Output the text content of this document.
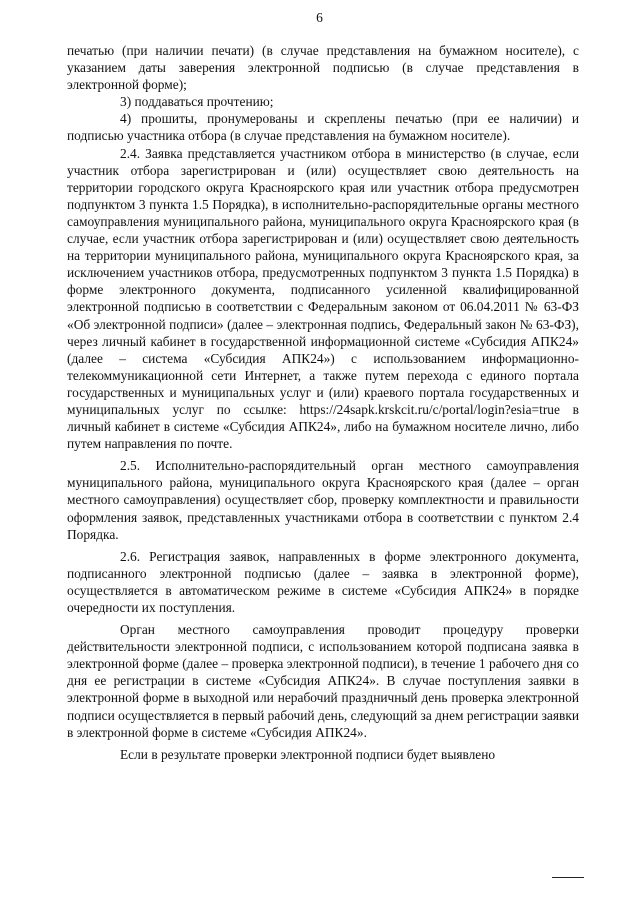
6

печатью (при наличии печати) (в случае представления на бумажном носителе), с указанием даты заверения электронной подписью (в случае представления в электронной форме);

3) поддаваться прочтению;

4) прошиты, пронумерованы и скреплены печатью (при ее наличии) и подписью участника отбора (в случае представления на бумажном носителе).

2.4. Заявка представляется участником отбора в министерство (в случае, если участник отбора зарегистрирован и (или) осуществляет свою деятельность на территории городского округа Красноярского края или участник отбора предусмотрен подпунктом 3 пункта 1.5 Порядка), в исполнительно-распорядительные органы местного самоуправления муниципального района, муниципального округа Красноярского края (в случае, если участник отбора зарегистрирован и (или) осуществляет свою деятельность на территории муниципального района, муниципального округа Красноярского края, за исключением участников отбора, предусмотренных подпунктом 3 пункта 1.5 Порядка) в форме электронного документа, подписанного усиленной квалифицированной электронной подписью в соответствии с Федеральным законом от 06.04.2011 № 63-ФЗ «Об электронной подписи» (далее – электронная подпись, Федеральный закон № 63-ФЗ), через личный кабинет в государственной информационной системе «Субсидия АПК24» (далее – система «Субсидия АПК24») с использованием информационно-телекоммуникационной сети Интернет, а также путем перехода с единого портала государственных и муниципальных услуг и (или) краевого портала государственных и муниципальных услуг по ссылке: https://24sapk.krskcit.ru/c/portal/login?esia=true в личный кабинет в системе «Субсидия АПК24», либо на бумажном носителе лично, либо путем направления по почте.

2.5. Исполнительно-распорядительный орган местного самоуправления муниципального района, муниципального округа Красноярского края (далее – орган местного самоуправления) осуществляет сбор, проверку комплектности и правильности оформления заявок, представленных участниками отбора в соответствии с пунктом 2.4 Порядка.

2.6. Регистрация заявок, направленных в форме электронного документа, подписанного электронной подписью (далее – заявка в электронной форме), осуществляется в автоматическом режиме в системе «Субсидия АПК24» в порядке очередности их поступления.

Орган местного самоуправления проводит процедуру проверки действительности электронной подписи, с использованием которой подписана заявка в электронной форме (далее – проверка электронной подписи), в течение 1 рабочего дня со дня ее регистрации в системе «Субсидия АПК24». В случае поступления заявки в электронной форме в выходной или нерабочий праздничный день проверка электронной подписи осуществляется в первый рабочий день, следующий за днем регистрации заявки в электронной форме в системе «Субсидия АПК24».

Если в результате проверки электронной подписи будет выявлено
